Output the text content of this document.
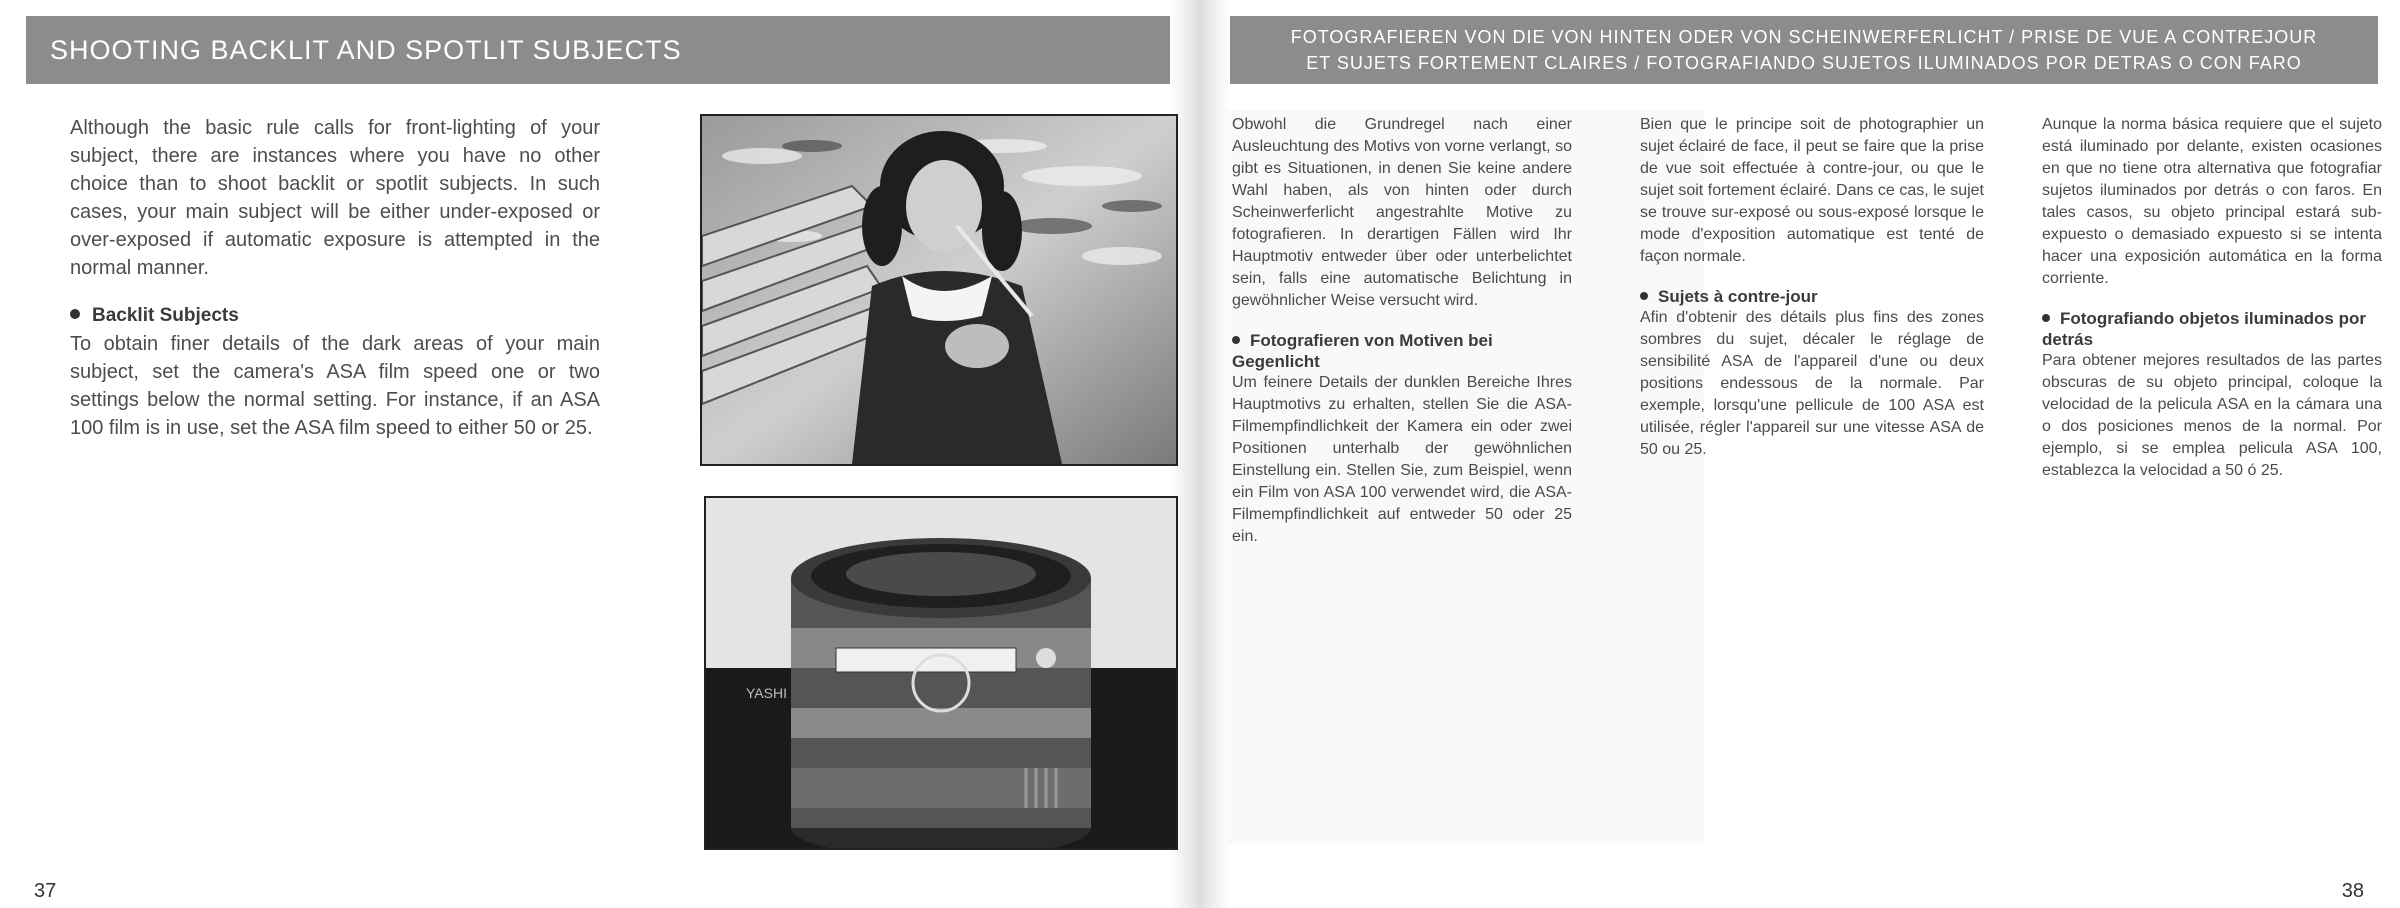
SHOOTING BACKLIT AND SPOTLIT SUBJECTS

Although the basic rule calls for front-lighting of your subject, there are instances where you have no other choice than to shoot backlit or spotlit subjects. In such cases, your main subject will be either under-exposed or over-exposed if automatic exposure is attempted in the normal manner.

Backlit Subjects

To obtain finer details of the dark areas of your main subject, set the camera's ASA film speed one or two settings below the normal setting. For instance, if an ASA 100 film is in use, set the ASA film speed to either 50 or 25.

YASHI
37
FOTOGRAFIEREN VON DIE VON HINTEN ODER VON SCHEINWERFERLICHT / PRISE DE VUE A CONTREJOUR
ET SUJETS FORTEMENT CLAIRES / FOTOGRAFIANDO SUJETOS ILUMINADOS POR DETRAS O CON FARO

Obwohl die Grundregel nach einer Ausleuchtung des Motivs von vorne verlangt, so gibt es Situationen, in denen Sie keine andere Wahl haben, als von hinten oder durch Scheinwerferlicht angestrahlte Motive zu fotografieren. In derartigen Fällen wird Ihr Hauptmotiv entweder über oder unterbelichtet sein, falls eine automatische Belichtung in gewöhnlicher Weise versucht wird.

Fotografieren von Motiven bei Gegenlicht

Um feinere Details der dunklen Bereiche Ihres Hauptmotivs zu erhalten, stellen Sie die ASA-Filmempfindlichkeit der Kamera ein oder zwei Positionen unterhalb der gewöhnlichen Einstellung ein. Stellen Sie, zum Beispiel, wenn ein Film von ASA 100 verwendet wird, die ASA-Filmempfindlichkeit auf entweder 50 oder 25 ein.

Bien que le principe soit de photographier un sujet éclairé de face, il peut se faire que la prise de vue soit effectuée à contre-jour, ou que le sujet soit fortement éclairé. Dans ce cas, le sujet se trouve sur-exposé ou sous-exposé lorsque le mode d'exposition automatique est tenté de façon normale.

Sujets à contre-jour

Afin d'obtenir des détails plus fins des zones sombres du sujet, décaler le réglage de sensibilité ASA de l'appareil d'une ou deux positions endessous de la normale. Par exemple, lorsqu'une pellicule de 100 ASA est utilisée, régler l'appareil sur une vitesse ASA de 50 ou 25.

Aunque la norma básica requiere que el sujeto está iluminado por delante, existen ocasiones en que no tiene otra alternativa que fotografiar sujetos iluminados por detrás o con faros. En tales casos, su objeto principal estará sub-expuesto o demasiado expuesto si se intenta hacer una exposición automática en la forma corriente.

Fotografiando objetos iluminados por detrás

Para obtener mejores resultados de las partes obscuras de su objeto principal, coloque la velocidad de la pelicula ASA en la cámara una o dos posiciones menos de la normal. Por ejemplo, si se emplea pelicula ASA 100, establezca la velocidad a 50 ó 25.

38
